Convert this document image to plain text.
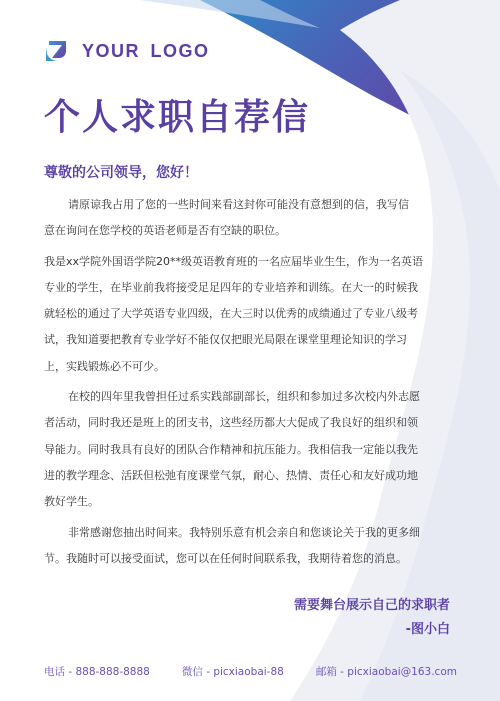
YOUR LOGO
个人求职自荐信
尊敬的公司领导，您好！
请原谅我占用了您的一些时间来看这封你可能没有意想到的信，我写信
意在询问在您学校的英语老师是否有空缺的职位。
我是xx学院外国语学院20**级英语教育班的一名应届毕业生生，作为一名英语
专业的学生，在毕业前我将接受足足四年的专业培养和训练。在大一的时候我
就轻松的通过了大学英语专业四级，在大三时以优秀的成绩通过了专业八级考
试，我知道要把教育专业学好不能仅仅把眼光局限在课堂里理论知识的学习
上，实践锻炼必不可少。
在校的四年里我曾担任过系实践部副部长，组织和参加过多次校内外志愿
者活动，同时我还是班上的团支书，这些经历都大大促成了我良好的组织和领
导能力。同时我具有良好的团队合作精神和抗压能力。我相信我一定能以我先
进的教学理念、活跃但松弛有度课堂气氛，耐心、热情、责任心和友好成功地
教好学生。
非常感谢您抽出时间来。我特别乐意有机会亲自和您谈论关于我的更多细
节。我随时可以接受面试，您可以在任何时间联系我，我期待着您的消息。
需要舞台展示自己的求职者
-图小白
电话 - 888-888-8888	微信 - picxiaobai-88	邮箱 - picxiaobai@163.com
